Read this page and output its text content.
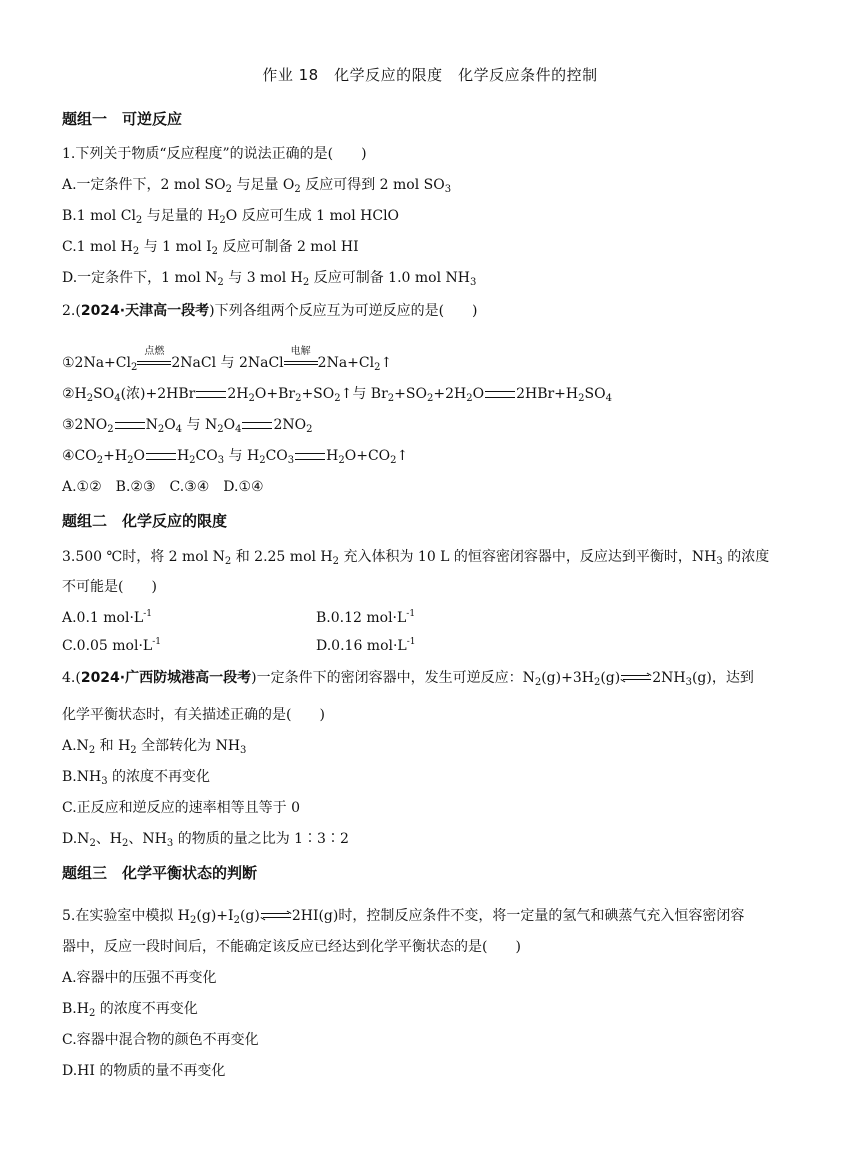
作业 18　化学反应的限度　化学反应条件的控制
题组一　可逆反应
1.下列关于物质“反应程度”的说法正确的是(　　)
A.一定条件下，2 mol $SO_2$ 与足量 $O_2$ 反应可得到 2 mol $SO_3$
B.1 mol $Cl_2$ 与足量的 $H_2O$ 反应可生成 1 mol HClO
C.1 mol $H_2$ 与 1 mol $I_2$ 反应可制备 2 mol HI
D.一定条件下，1 mol $N_2$ 与 3 mol $H_2$ 反应可制备 1.0 mol $NH_3$
2.(2024·天津高一段考)下列各组两个反应互为可逆反应的是(　　)
$①2Na+Cl_2$
点燃
2NaCl 与 2NaCl
电解
$2Na+Cl_2↑$
$②H_2SO_4$(浓)+2HBr $2H_2O+Br_2+SO_2↑$与 $Br_2+SO_2+2H_2O$ $2HBr+H_2SO_4$
$③2NO_2$ $N_2O_4$ 与 $N_2O_4$ $2NO_2$
$④CO_2+H_2O$ $H_2CO_3$ 与 $H_2CO_3$ $H_2O+CO_2↑$
A.①②　B.②③　C.③④　D.①④
题组二　化学反应的限度
3.500 ℃时，将 2 mol $N_2$ 和 2.25 mol $H_2$ 充入体积为 10 L 的恒容密闭容器中，反应达到平衡时，$NH_3$ 的浓度
不可能是(　　)
A.0.1 $mol\cdot L^{-1}$	B.0.12 $mol\cdot L^{-1}$
C.0.05 $mol\cdot L^{-1}$	D.0.16 $mol\cdot L^{-1}$
4.(2024·广西防城港高一段考)一定条件下的密闭容器中，发生可逆反应：$N_2(g)+3H_2(g)$ $2NH_3(g)$，达到
化学平衡状态时，有关描述正确的是(　　)
$A.N_2$ 和 $H_2$ 全部转化为 $NH_3$
$B.NH_3$ 的浓度不再变化
C.正反应和逆反应的速率相等且等于 0
$D.N_2$、$H_2$、$NH_3$ 的物质的量之比为 1∶3∶2
题组三　化学平衡状态的判断
5.在实验室中模拟 $H_2(g)+I_2(g)$ 2HI(g)时，控制反应条件不变，将一定量的氢气和碘蒸气充入恒容密闭容
器中，反应一段时间后，不能确定该反应已经达到化学平衡状态的是(　　)
A.容器中的压强不再变化
$B.H_2$ 的浓度不再变化
C.容器中混合物的颜色不再变化
D.HI 的物质的量不再变化
